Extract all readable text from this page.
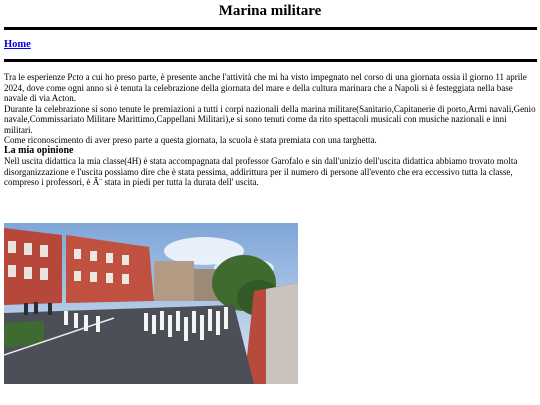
Marina militare
Home

Tra le esperienze Pcto a cui ho preso parte, è presente anche l'attività che mi ha visto impegnato nel corso di una giornata ossia il giorno 11 aprile 2024, dove come ogni anno si è tenuta la celebrazione della giornata del mare e della cultura marinara che a Napoli si è festeggiata nella base navale di via Acton.

Durante la celebrazione si sono tenute le premiazioni a tutti i corpi nazionali della marina militare(Sanitario,Capitanerie di porto,Armi navali,Genio navale,Commissariato Militare Marittimo,Cappellani Militari),e si sono tenuti come da rito spettacoli musicali con musiche nazionali e inni militari.

Come riconoscimento di aver preso parte a questa giornata, la scuola è stata premiata con una targhetta.

La mia opinione

Nell uscita didattica la mia classe(4H) è stata accompagnata dal professor Garofalo e sin dall'unizio dell'uscita didattica abbiamo trovato molta disorganizzazione e l'uscita possiamo dire che è stata pessima, addirittura per il numero di persone all'evento che era eccessivo tutta la classe, compreso i professori, è Ã¨ stata in piedi per tutta la durata dell' uscita.
